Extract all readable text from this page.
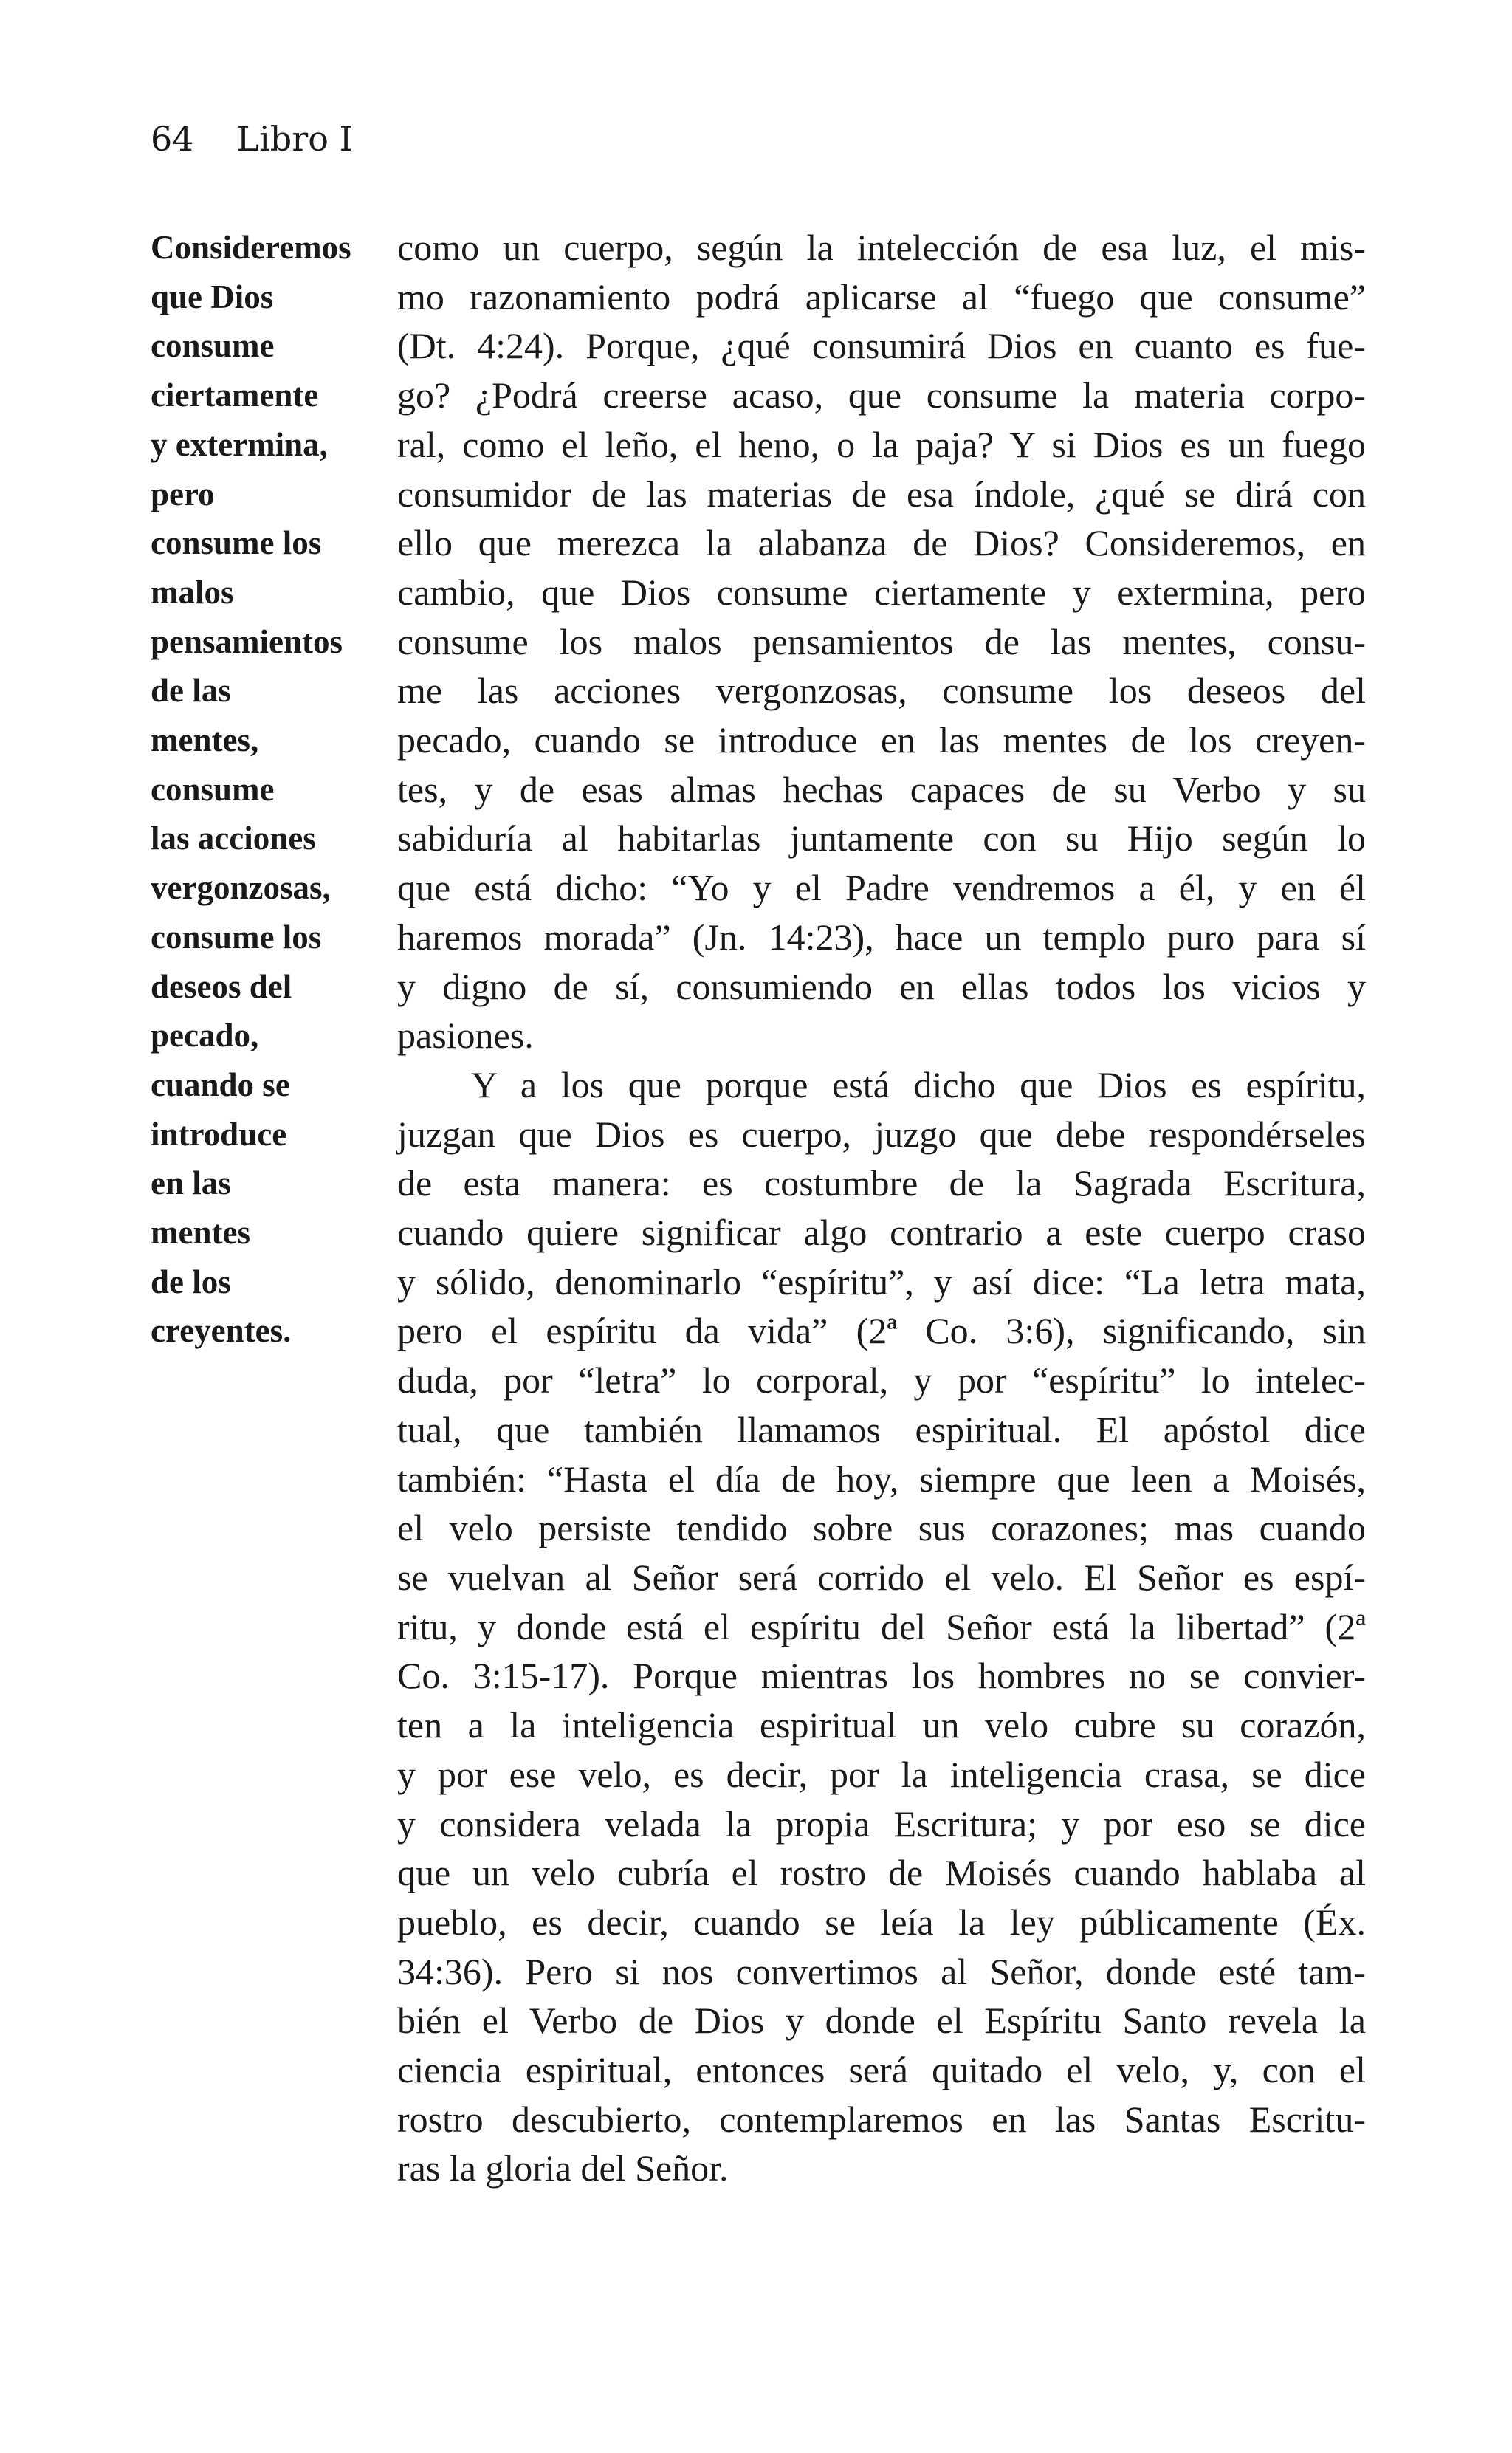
64 Libro I
Consideremos
que Dios
consume
ciertamente
y extermina,
pero
consume los
malos
pensamientos
de las
mentes,
consume
las acciones
vergonzosas,
consume los
deseos del
pecado,
cuando se
introduce
en las
mentes
de los
creyentes.
como un cuerpo, según la intelección de esa luz, el mis-
mo razonamiento podrá aplicarse al “fuego que consume”
(Dt. 4:24). Porque, ¿qué consumirá Dios en cuanto es fue-
go? ¿Podrá creerse acaso, que consume la materia corpo-
ral, como el leño, el heno, o la paja? Y si Dios es un fuego
consumidor de las materias de esa índole, ¿qué se dirá con
ello que merezca la alabanza de Dios? Consideremos, en
cambio, que Dios consume ciertamente y extermina, pero
consume los malos pensamientos de las mentes, consu-
me las acciones vergonzosas, consume los deseos del
pecado, cuando se introduce en las mentes de los creyen-
tes, y de esas almas hechas capaces de su Verbo y su
sabiduría al habitarlas juntamente con su Hijo según lo
que está dicho: “Yo y el Padre vendremos a él, y en él
haremos morada” (Jn. 14:23), hace un templo puro para sí
y digno de sí, consumiendo en ellas todos los vicios y
pasiones.
Y a los que porque está dicho que Dios es espíritu,
juzgan que Dios es cuerpo, juzgo que debe respondérseles
de esta manera: es costumbre de la Sagrada Escritura,
cuando quiere significar algo contrario a este cuerpo craso
y sólido, denominarlo “espíritu”, y así dice: “La letra mata,
pero el espíritu da vida” (2ª Co. 3:6), significando, sin
duda, por “letra” lo corporal, y por “espíritu” lo intelec-
tual, que también llamamos espiritual. El apóstol dice
también: “Hasta el día de hoy, siempre que leen a Moisés,
el velo persiste tendido sobre sus corazones; mas cuando
se vuelvan al Señor será corrido el velo. El Señor es espí-
ritu, y donde está el espíritu del Señor está la libertad” (2ª
Co. 3:15-17). Porque mientras los hombres no se convier-
ten a la inteligencia espiritual un velo cubre su corazón,
y por ese velo, es decir, por la inteligencia crasa, se dice
y considera velada la propia Escritura; y por eso se dice
que un velo cubría el rostro de Moisés cuando hablaba al
pueblo, es decir, cuando se leía la ley públicamente (Éx.
34:36). Pero si nos convertimos al Señor, donde esté tam-
bién el Verbo de Dios y donde el Espíritu Santo revela la
ciencia espiritual, entonces será quitado el velo, y, con el
rostro descubierto, contemplaremos en las Santas Escritu-
ras la gloria del Señor.
